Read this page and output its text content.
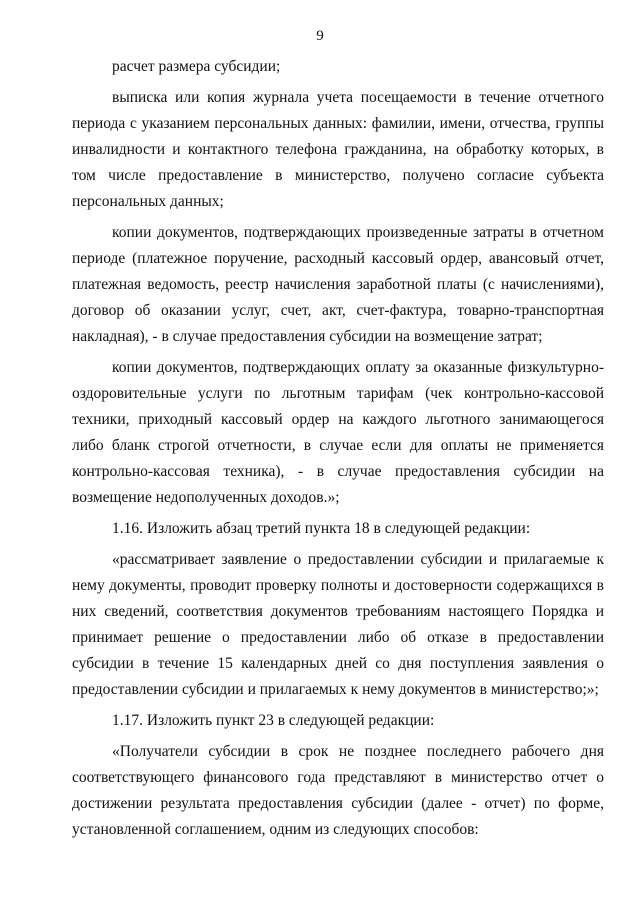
9

расчет размера субсидии;

выписка или копия журнала учета посещаемости в течение отчетного периода с указанием персональных данных: фамилии, имени, отчества, группы инвалидности и контактного телефона гражданина, на обработку которых, в том числе предоставление в министерство, получено согласие субъекта персональных данных;

копии документов, подтверждающих произведенные затраты в отчетном периоде (платежное поручение, расходный кассовый ордер, авансовый отчет, платежная ведомость, реестр начисления заработной платы (с начислениями), договор об оказании услуг, счет, акт, счет-фактура, товарно-транспортная накладная), - в случае предоставления субсидии на возмещение затрат;

копии документов, подтверждающих оплату за оказанные физкультурно-оздоровительные услуги по льготным тарифам (чек контрольно-кассовой техники, приходный кассовый ордер на каждого льготного занимающегося либо бланк строгой отчетности, в случае если для оплаты не применяется контрольно-кассовая техника), - в случае предоставления субсидии на возмещение недополученных доходов.»;

1.16. Изложить абзац третий пункта 18 в следующей редакции:

«рассматривает заявление о предоставлении субсидии и прилагаемые к нему документы, проводит проверку полноты и достоверности содержащихся в них сведений, соответствия документов требованиям настоящего Порядка и принимает решение о предоставлении либо об отказе в предоставлении субсидии в течение 15 календарных дней со дня поступления заявления о предоставлении субсидии и прилагаемых к нему документов в министерство;»;

1.17. Изложить пункт 23 в следующей редакции:

«Получатели субсидии в срок не позднее последнего рабочего дня соответствующего финансового года представляют в министерство отчет о достижении результата предоставления субсидии (далее - отчет) по форме, установленной соглашением, одним из следующих способов:
